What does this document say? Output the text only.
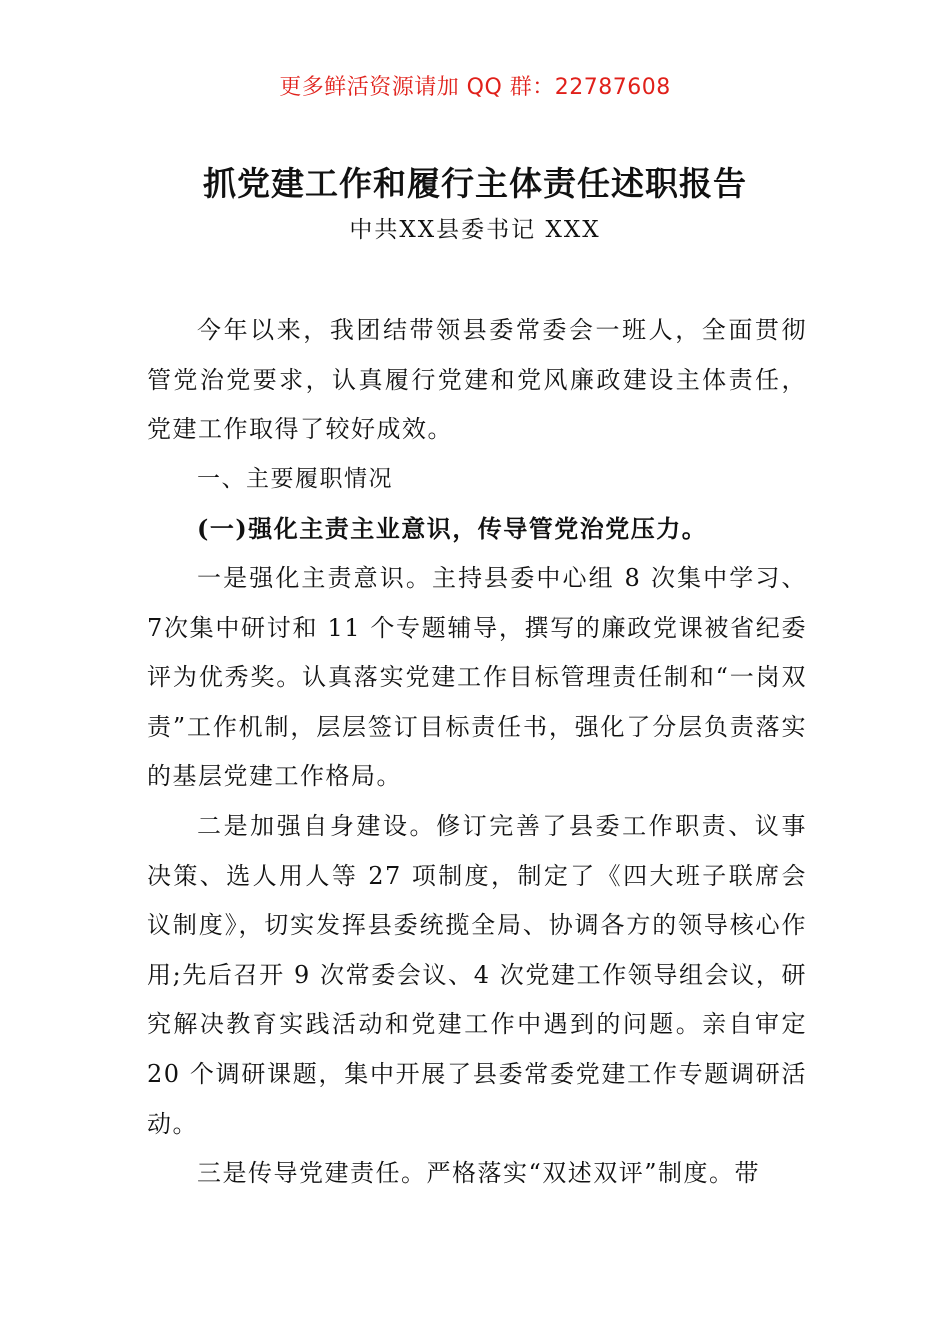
更多鲜活资源请加 QQ 群：22787608
抓党建工作和履行主体责任述职报告
中共XX县委书记 XXX

今年以来，我团结带领县委常委会一班人，全面贯彻管党治党要求，认真履行党建和党风廉政建设主体责任，党建工作取得了较好成效。

一、主要履职情况

(一)强化主责主业意识，传导管党治党压力。

一是强化主责意识。主持县委中心组 8 次集中学习、7次集中研讨和 11 个专题辅导，撰写的廉政党课被省纪委评为优秀奖。认真落实党建工作目标管理责任制和“一岗双责”工作机制，层层签订目标责任书，强化了分层负责落实的基层党建工作格局。

二是加强自身建设。修订完善了县委工作职责、议事决策、选人用人等 27 项制度，制定了《四大班子联席会议制度》，切实发挥县委统揽全局、协调各方的领导核心作用;先后召开 9 次常委会议、4 次党建工作领导组会议，研究解决教育实践活动和党建工作中遇到的问题。亲自审定20 个调研课题，集中开展了县委常委党建工作专题调研活动。

三是传导党建责任。严格落实“双述双评”制度。带
